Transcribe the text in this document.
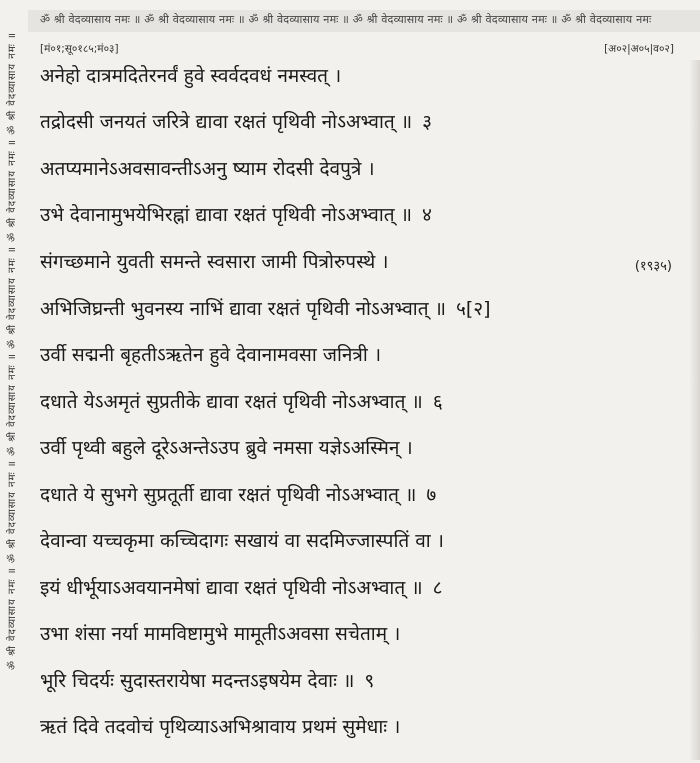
ॐ श्री वेदव्यासाय नमः ॥ ॐ श्री वेदव्यासाय नमः ॥ ॐ श्री वेदव्यासाय नमः ॥ ॐ श्री वेदव्यासाय नमः ॥ ॐ श्री वेदव्यासाय नमः ॥ ॐ श्री वेदव्यासाय नमः
ॐ श्री वेदव्यासाय नमः ॥ ॐ श्री वेदव्यासाय नमः ॥ ॐ श्री वेदव्यासाय नमः ॥ ॐ श्री वेदव्यासाय नमः ॥ ॐ श्री वेदव्यासाय नमः ॥ ॐ श्री वेदव्यासाय नमः ॥ [मं०१;सू०१८५;मं०३]	[अ०२|अ०५|व०२]
अनेहो दात्रमदितेरनर्वं हुवे स्वर्वदवधं नमस्वत् ।
तद्रोदसी जनयतं जरित्रे द्यावा रक्षतं पृथिवी नोऽअभ्वात् ॥ ३
अतप्यमानेऽअवसावन्तीऽअनु ष्याम रोदसी देवपुत्रे ।
उभे देवानामुभयेभिरह्नां द्यावा रक्षतं पृथिवी नोऽअभ्वात् ॥ ४
संगच्छमाने युवती समन्ते स्वसारा जामी पित्रोरुपस्थे ।	(१९३५)
अभिजिघ्रन्ती भुवनस्य नाभिं द्यावा रक्षतं पृथिवी नोऽअभ्वात् ॥ ५[२]
उर्वी सद्मनी बृहतीऽऋतेन हुवे देवानामवसा जनित्री ।
दधाते येऽअमृतं सुप्रतीके द्यावा रक्षतं पृथिवी नोऽअभ्वात् ॥ ६
उर्वी पृथ्वी बहुले दूरेऽअन्तेऽउप ब्रुवे नमसा यज्ञेऽअस्मिन् ।
दधाते ये सुभगे सुप्रतूर्ती द्यावा रक्षतं पृथिवी नोऽअभ्वात् ॥ ७
देवान्वा यच्चकृमा कच्चिदागः सखायं वा सदमिज्जास्पतिं वा ।
इयं धीर्भूयाऽअवयानमेषां द्यावा रक्षतं पृथिवी नोऽअभ्वात् ॥ ८
उभा शंसा नर्या मामविष्टामुभे मामूतीऽअवसा सचेताम् ।
भूरि चिदर्यः सुदास्तरायेषा मदन्तऽइषयेम देवाः ॥ ९
ऋतं दिवे तदवोचं पृथिव्याऽअभिश्रावाय प्रथमं सुमेधाः ।
